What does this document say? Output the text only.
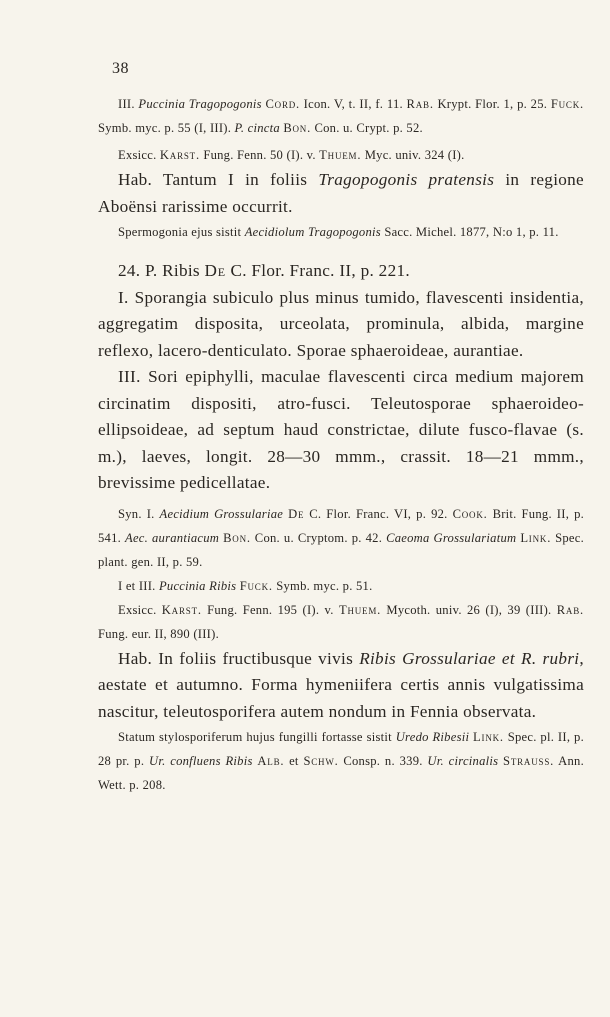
38

III. Puccinia Tragopogonis Cord. Icon. V, t. II, f. 11. Rab. Krypt. Flor. 1, p. 25. Fuck. Symb. myc. p. 55 (I, III). P. cincta Bon. Con. u. Crypt. p. 52.

Exsicc. Karst. Fung. Fenn. 50 (I). v. Thuem. Myc. univ. 324 (I).

Hab. Tantum I in foliis Tragopogonis pratensis in regione Aboënsi rarissime occurrit.

Spermogonia ejus sistit Aecidiolum Tragopogonis Sacc. Michel. 1877, N:o 1, p. 11.

24. P. Ribis De C. Flor. Franc. II, p. 221.

I. Sporangia subiculo plus minus tumido, flavescenti insidentia, aggregatim disposita, urceolata, prominula, albida, margine reflexo, lacero-denticulato. Sporae sphaeroideae, aurantiae.

III. Sori epiphylli, maculae flavescenti circa medium majorem circinatim dispositi, atro-fusci. Teleutosporae sphaeroideo-ellipsoideae, ad septum haud constrictae, dilute fusco-flavae (s. m.), laeves, longit. 28—30 mmm., crassit. 18—21 mmm., brevissime pedicellatae.

Syn. I. Aecidium Grossulariae De C. Flor. Franc. VI, p. 92. Cook. Brit. Fung. II, p. 541. Aec. aurantiacum Bon. Con. u. Cryptom. p. 42. Caeoma Grossulariatum Link. Spec. plant. gen. II, p. 59.

I et III. Puccinia Ribis Fuck. Symb. myc. p. 51.

Exsicc. Karst. Fung. Fenn. 195 (I). v. Thuem. Mycoth. univ. 26 (I), 39 (III). Rab. Fung. eur. II, 890 (III).

Hab. In foliis fructibusque vivis Ribis Grossulariae et R. rubri, aestate et autumno. Forma hymeniifera certis annis vulgatissima nascitur, teleutosporifera autem nondum in Fennia observata.

Statum stylosporiferum hujus fungilli fortasse sistit Uredo Ribesii Link. Spec. pl. II, p. 28 pr. p. Ur. confluens Ribis Alb. et Schw. Consp. n. 339. Ur. circinalis Strauss. Ann. Wett. p. 208.
